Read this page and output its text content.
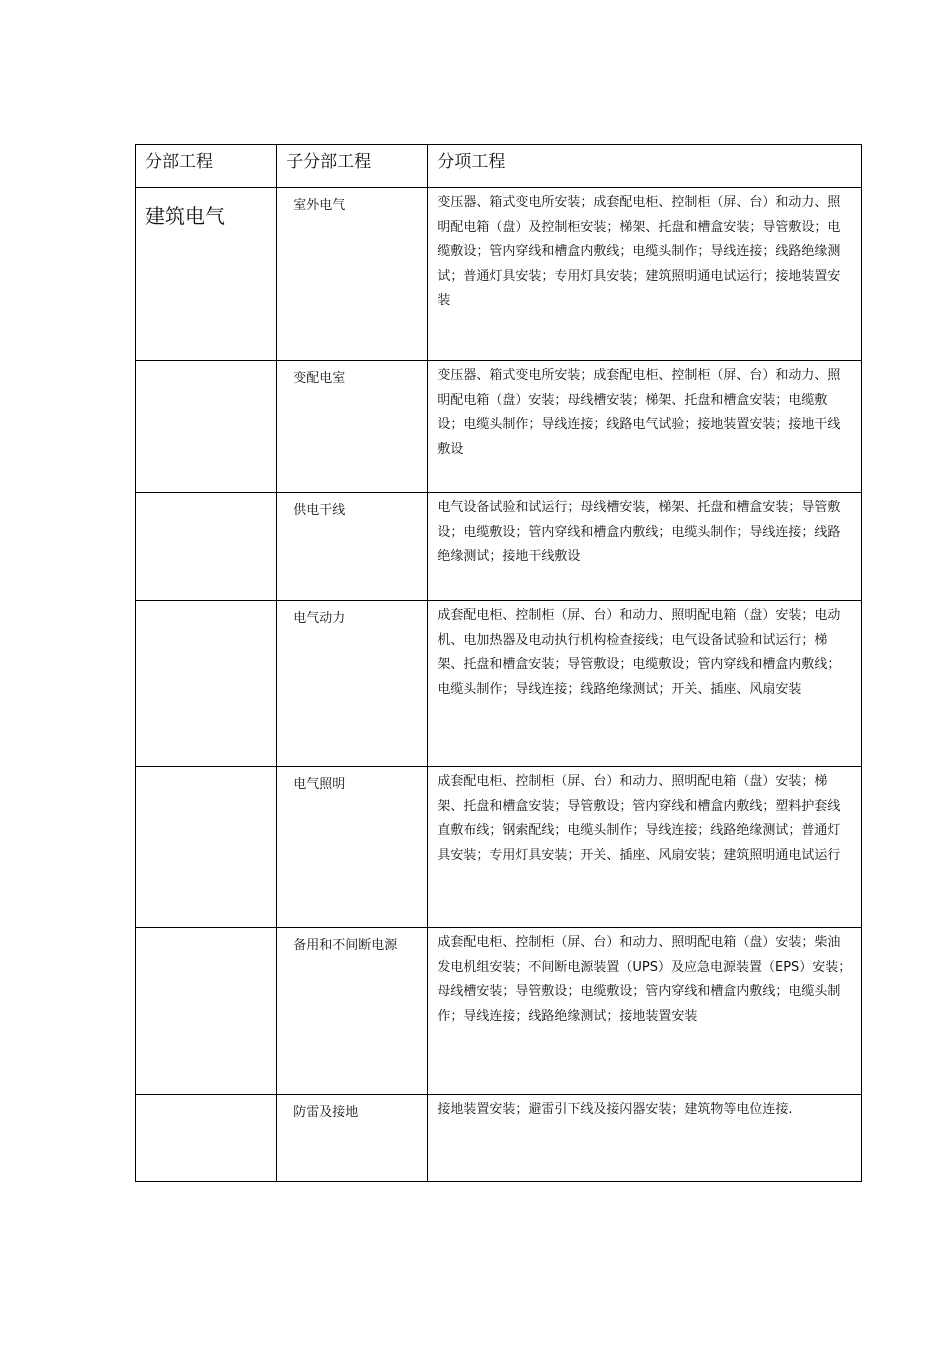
分部工程	子分部工程	分项工程
建筑电气	室外电气	变压器、箱式变电所安装；成套配电柜、控制柜（屏、台）和动力、照明配电箱（盘）及控制柜安装；梯架、托盘和槽盒安装；导管敷设；电缆敷设；管内穿线和槽盒内敷线；电缆头制作；导线连接；线路绝缘测试；普通灯具安装；专用灯具安装；建筑照明通电试运行；接地装置安装
	变配电室	变压器、箱式变电所安装；成套配电柜、控制柜（屏、台）和动力、照明配电箱（盘）安装；母线槽安装；梯架、托盘和槽盒安装；电缆敷设；电缆头制作；导线连接；线路电气试验；接地装置安装；接地干线敷设
	供电干线	电气设备试验和试运行；母线槽安装，梯架、托盘和槽盒安装；导管敷设；电缆敷设；管内穿线和槽盒内敷线；电缆头制作；导线连接；线路绝缘测试；接地干线敷设
	电气动力	成套配电柜、控制柜（屏、台）和动力、照明配电箱（盘）安装；电动机、电加热器及电动执行机构检查接线；电气设备试验和试运行；梯架、托盘和槽盒安装；导管敷设；电缆敷设；管内穿线和槽盒内敷线；电缆头制作；导线连接；线路绝缘测试；开关、插座、风扇安装
	电气照明	成套配电柜、控制柜（屏、台）和动力、照明配电箱（盘）安装；梯架、托盘和槽盒安装；导管敷设；管内穿线和槽盒内敷线；塑料护套线直敷布线；钢索配线；电缆头制作；导线连接；线路绝缘测试；普通灯具安装；专用灯具安装；开关、插座、风扇安装；建筑照明通电试运行
	备用和不间断电源	成套配电柜、控制柜（屏、台）和动力、照明配电箱（盘）安装；柴油发电机组安装；不间断电源装置（UPS）及应急电源装置（EPS）安装；母线槽安装；导管敷设；电缆敷设；管内穿线和槽盒内敷线；电缆头制作；导线连接；线路绝缘测试；接地装置安装
	防雷及接地	接地装置安装；避雷引下线及接闪器安装；建筑物等电位连接.
